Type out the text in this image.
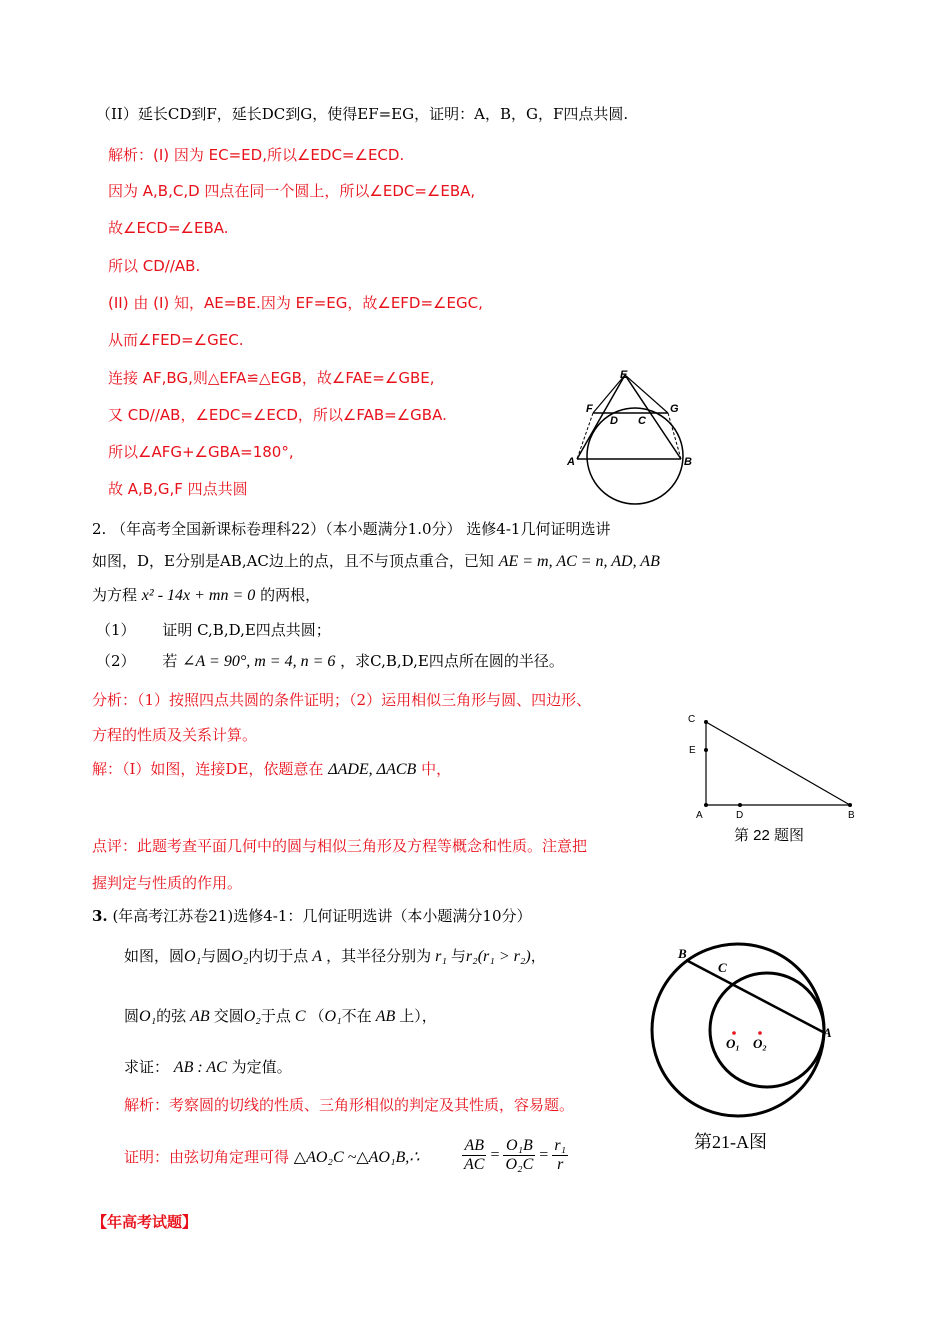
（II）延长CD到F，延长DC到G，使得EF=EG，证明：A，B，G，F四点共圆.
解析：(I) 因为 EC=ED,所以∠EDC=∠ECD.
因为 A,B,C,D 四点在同一个圆上，所以∠EDC=∠EBA,
故∠ECD=∠EBA.
所以 CD//AB.
(II) 由 (I) 知，AE=BE.因为 EF=EG，故∠EFD=∠EGC,
从而∠FED=∠GEC.
连接 AF,BG,则△EFA≌△EGB，故∠FAE=∠GBE,
又 CD//AB，∠EDC=∠ECD，所以∠FAB=∠GBA.
所以∠AFG+∠GBA=180°,
故 A,B,G,F 四点共圆
E
F	G
D C
A	B
2. （年高考全国新课标卷理科22）（本小题满分1.0分） 选修4-1几何证明选讲
如图，D，E分别是AB,AC边上的点，且不与顶点重合，已知 AE = m, AC = n, AD, AB
为方程 x² - 14x + mn = 0 的两根，
（1） 证明 C,B,D,E四点共圆；
（2） 若 ∠A = 90°, m = 4, n = 6 ，求C,B,D,E四点所在圆的半径。
分析：（1）按照四点共圆的条件证明；（2）运用相似三角形与圆、四边形、
方程的性质及关系计算。
解：（Ⅰ）如图，连接DE，依题意在 ΔADE, ΔACB 中，
点评：此题考查平面几何中的圆与相似三角形及方程等概念和性质。注意把
握判定与性质的作用。
C
E
A	D	B
第 22 题图
3. (年高考江苏卷21)选修4-1：几何证明选讲（本小题满分10分）
如图，圆O₁与圆O₂内切于点 A ，其半径分别为 r₁ 与r₂(r₁ > r₂)，
圆O₁的弦 AB 交圆O₂于点 C （O₁不在 AB 上），
求证： AB : AC 为定值。
解析：考察圆的切线的性质、三角形相似的判定及其性质，容易题。
证明：由弦切角定理可得 △AO₂C ~△AO₁B,∴	$\frac{AB}{AC} = \frac{\text{O₁B}}{\text{O₂C}} = \frac{\text{r₁}}{r}$
B
C
A
O₁ O₂
第21-A图
【年高考试题】
